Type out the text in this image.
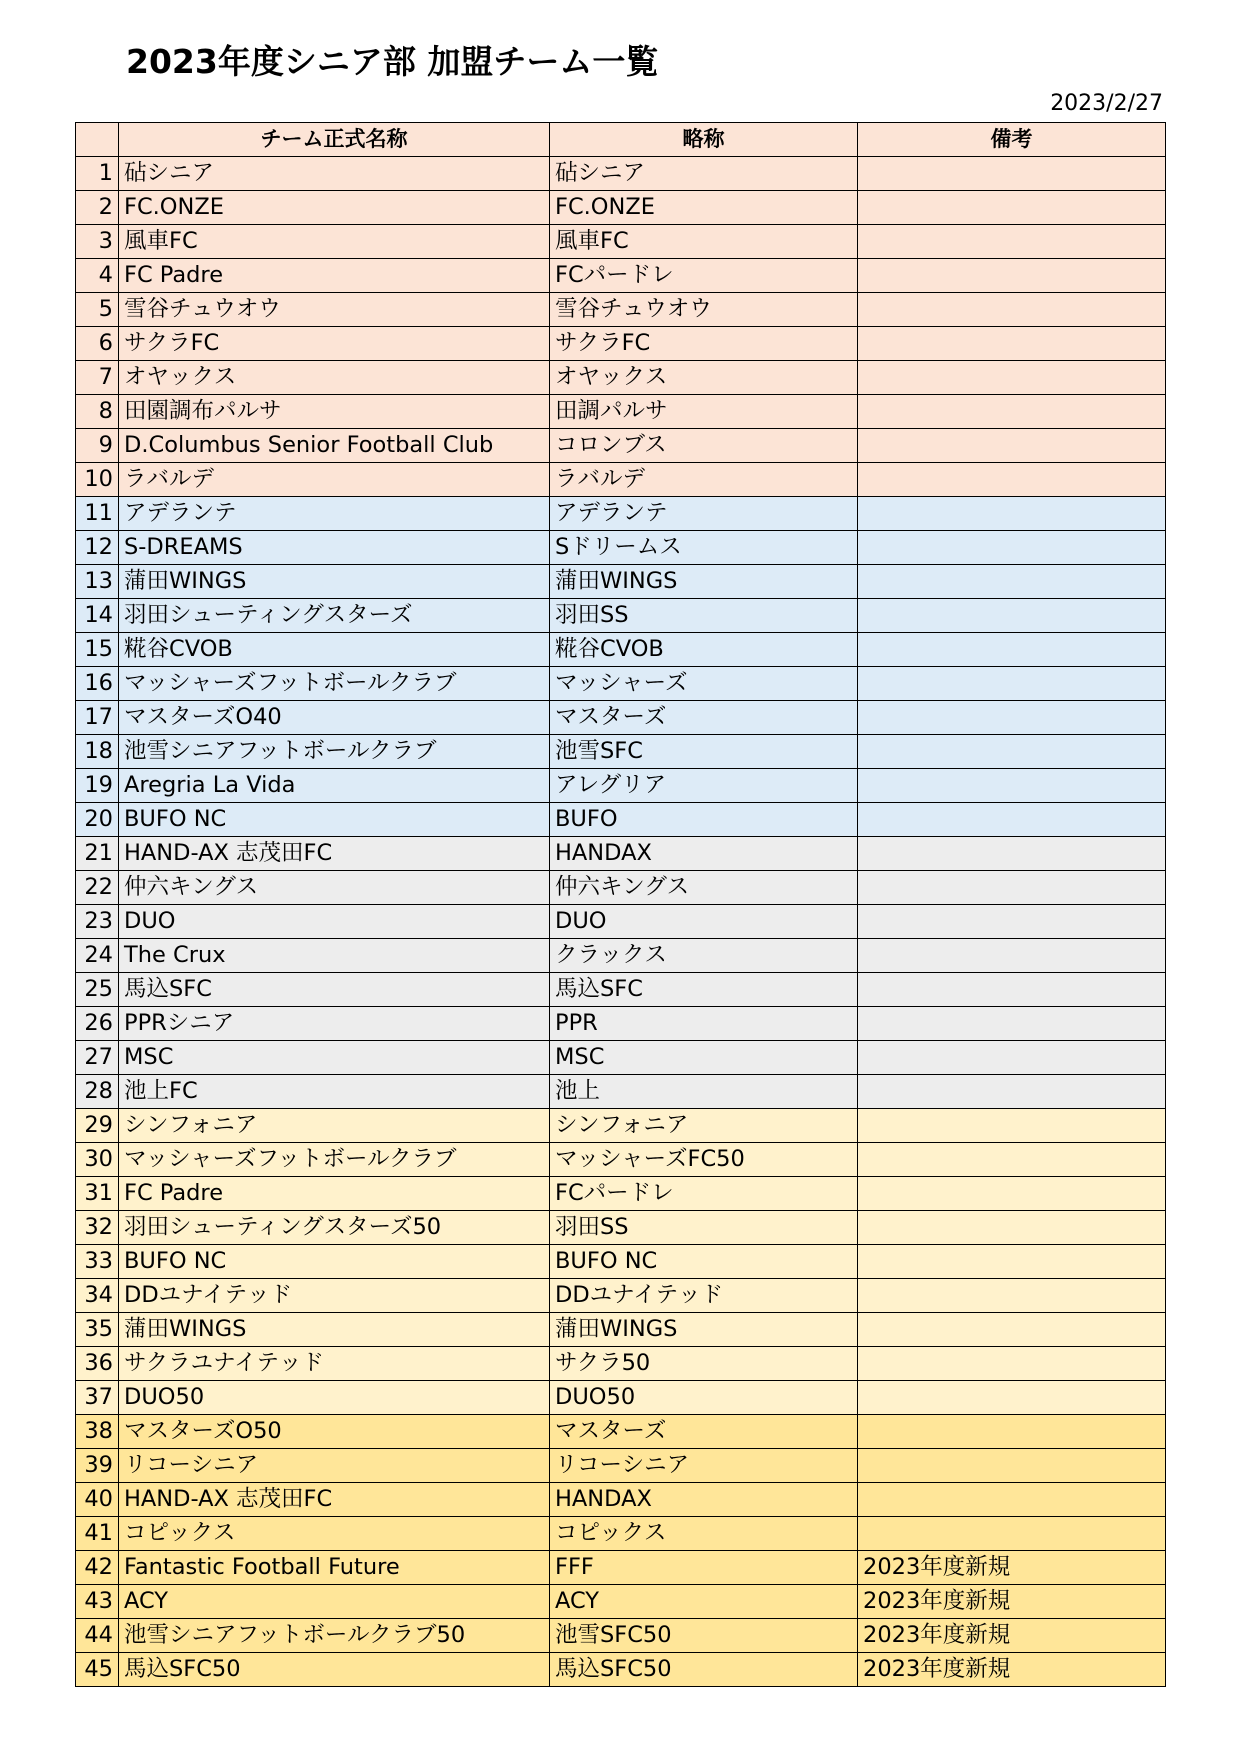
2023年度シニア部 加盟チーム一覧
2023/2/27
	チーム正式名称	略称	備考
1	砧シニア	砧シニア	
2	FC.ONZE	FC.ONZE	
3	風車FC	風車FC	
4	FC Padre	FCパードレ	
5	雪谷チュウオウ	雪谷チュウオウ	
6	サクラFC	サクラFC	
7	オヤックス	オヤックス	
8	田園調布パルサ	田調パルサ	
9	D.Columbus Senior Football Club	コロンブス	
10	ラバルデ	ラバルデ	
11	アデランテ	アデランテ	
12	S-DREAMS	Sドリームス	
13	蒲田WINGS	蒲田WINGS	
14	羽田シューティングスターズ	羽田SS	
15	糀谷CVOB	糀谷CVOB	
16	マッシャーズフットボールクラブ	マッシャーズ	
17	マスターズO40	マスターズ	
18	池雪シニアフットボールクラブ	池雪SFC	
19	Aregria La Vida	アレグリア	
20	BUFO NC	BUFO	
21	HAND-AX 志茂田FC	HANDAX	
22	仲六キングス	仲六キングス	
23	DUO	DUO	
24	The Crux	クラックス	
25	馬込SFC	馬込SFC	
26	PPRシニア	PPR	
27	MSC	MSC	
28	池上FC	池上	
29	シンフォニア	シンフォニア	
30	マッシャーズフットボールクラブ	マッシャーズFC50	
31	FC Padre	FCパードレ	
32	羽田シューティングスターズ50	羽田SS	
33	BUFO NC	BUFO NC	
34	DDユナイテッド	DDユナイテッド	
35	蒲田WINGS	蒲田WINGS	
36	サクラユナイテッド	サクラ50	
37	DUO50	DUO50	
38	マスターズO50	マスターズ	
39	リコーシニア	リコーシニア	
40	HAND-AX 志茂田FC	HANDAX	
41	コピックス	コピックス	
42	Fantastic Football Future	FFF	2023年度新規
43	ACY	ACY	2023年度新規
44	池雪シニアフットボールクラブ50	池雪SFC50	2023年度新規
45	馬込SFC50	馬込SFC50	2023年度新規
